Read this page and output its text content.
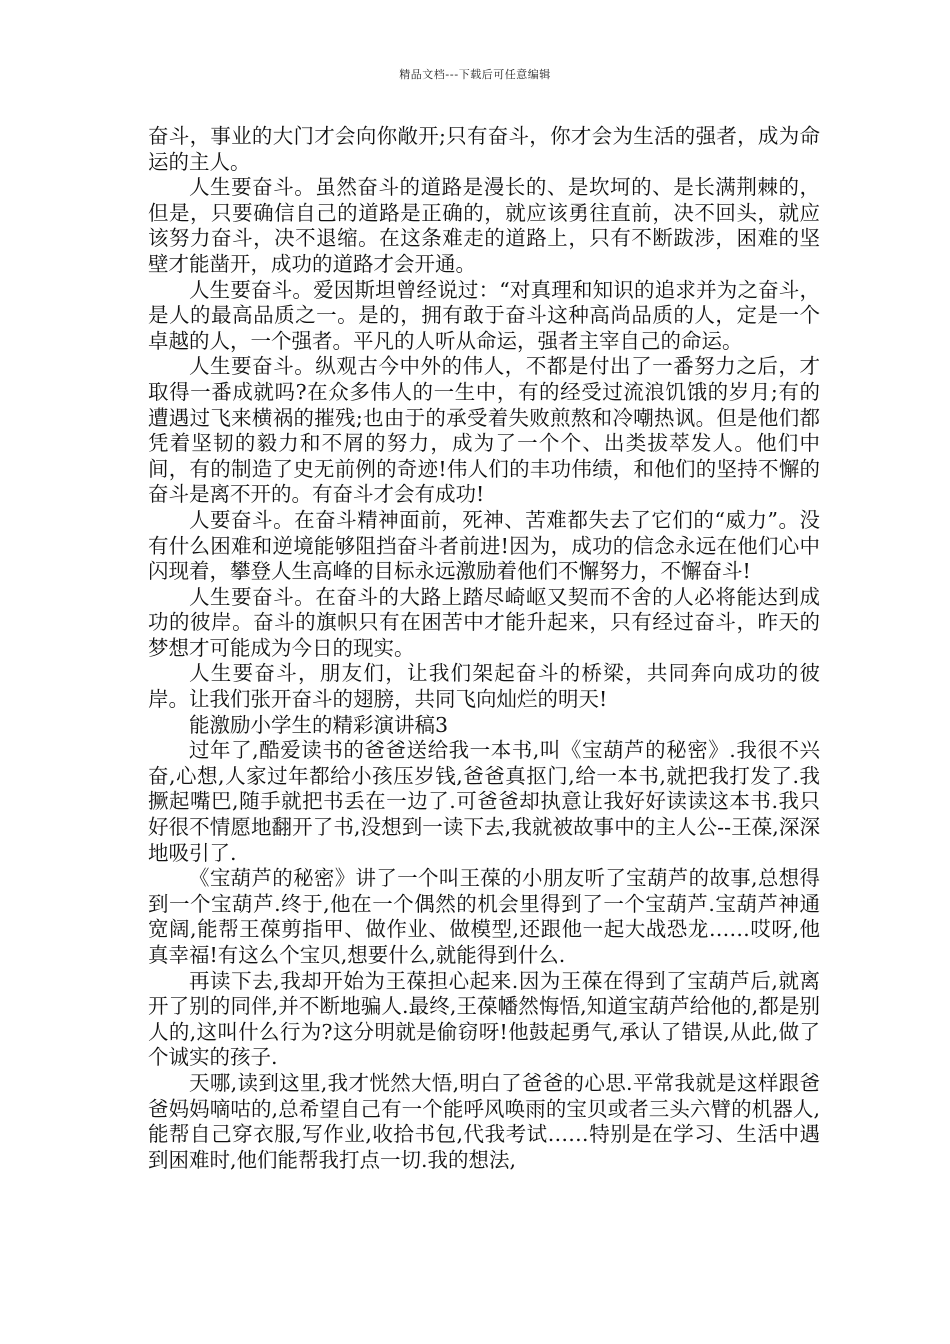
精品文档---下载后可任意编辑

奋斗，事业的大门才会向你敞开;只有奋斗，你才会为生活的强者，成为命运的主人。

人生要奋斗。虽然奋斗的道路是漫长的、是坎坷的、是长满荆棘的，但是，只要确信自己的道路是正确的，就应该勇往直前，决不回头，就应该努力奋斗，决不退缩。在这条难走的道路上，只有不断跋涉，困难的坚壁才能凿开，成功的道路才会开通。

人生要奋斗。爱因斯坦曾经说过：“对真理和知识的追求并为之奋斗，是人的最高品质之一。是的，拥有敢于奋斗这种高尚品质的人，定是一个卓越的人，一个强者。平凡的人听从命运，强者主宰自己的命运。

人生要奋斗。纵观古今中外的伟人，不都是付出了一番努力之后，才取得一番成就吗?在众多伟人的一生中，有的经受过流浪饥饿的岁月;有的遭遇过飞来横祸的摧残;也由于的承受着失败煎熬和冷嘲热讽。但是他们都凭着坚韧的毅力和不屑的努力，成为了一个个、出类拔萃发人。他们中间，有的制造了史无前例的奇迹!伟人们的丰功伟绩，和他们的坚持不懈的奋斗是离不开的。有奋斗才会有成功!

人要奋斗。在奋斗精神面前，死神、苦难都失去了它们的“威力”。没有什么困难和逆境能够阻挡奋斗者前进!因为，成功的信念永远在他们心中闪现着，攀登人生高峰的目标永远激励着他们不懈努力，不懈奋斗!

人生要奋斗。在奋斗的大路上踏尽崎岖又契而不舍的人必将能达到成功的彼岸。奋斗的旗帜只有在困苦中才能升起来，只有经过奋斗，昨天的梦想才可能成为今日的现实。

人生要奋斗，朋友们，让我们架起奋斗的桥梁，共同奔向成功的彼岸。让我们张开奋斗的翅膀，共同飞向灿烂的明天!

能激励小学生的精彩演讲稿3

过年了,酷爱读书的爸爸送给我一本书,叫《宝葫芦的秘密》.我很不兴奋,心想,人家过年都给小孩压岁钱,爸爸真抠门,给一本书,就把我打发了.我撅起嘴巴,随手就把书丢在一边了.可爸爸却执意让我好好读读这本书.我只好很不情愿地翻开了书,没想到一读下去,我就被故事中的主人公--王葆,深深地吸引了.

《宝葫芦的秘密》讲了一个叫王葆的小朋友听了宝葫芦的故事,总想得到一个宝葫芦.终于,他在一个偶然的机会里得到了一个宝葫芦.宝葫芦神通宽阔,能帮王葆剪指甲、做作业、做模型,还跟他一起大战恐龙……哎呀,他真幸福!有这么个宝贝,想要什么,就能得到什么.

再读下去,我却开始为王葆担心起来.因为王葆在得到了宝葫芦后,就离开了别的同伴,并不断地骗人.最终,王葆幡然悔悟,知道宝葫芦给他的,都是别人的,这叫什么行为?这分明就是偷窃呀!他鼓起勇气,承认了错误,从此,做了个诚实的孩子.

天哪,读到这里,我才恍然大悟,明白了爸爸的心思.平常我就是这样跟爸爸妈妈嘀咕的,总希望自己有一个能呼风唤雨的宝贝或者三头六臂的机器人,能帮自己穿衣服,写作业,收拾书包,代我考试……特别是在学习、生活中遇到困难时,他们能帮我打点一切.我的想法,
